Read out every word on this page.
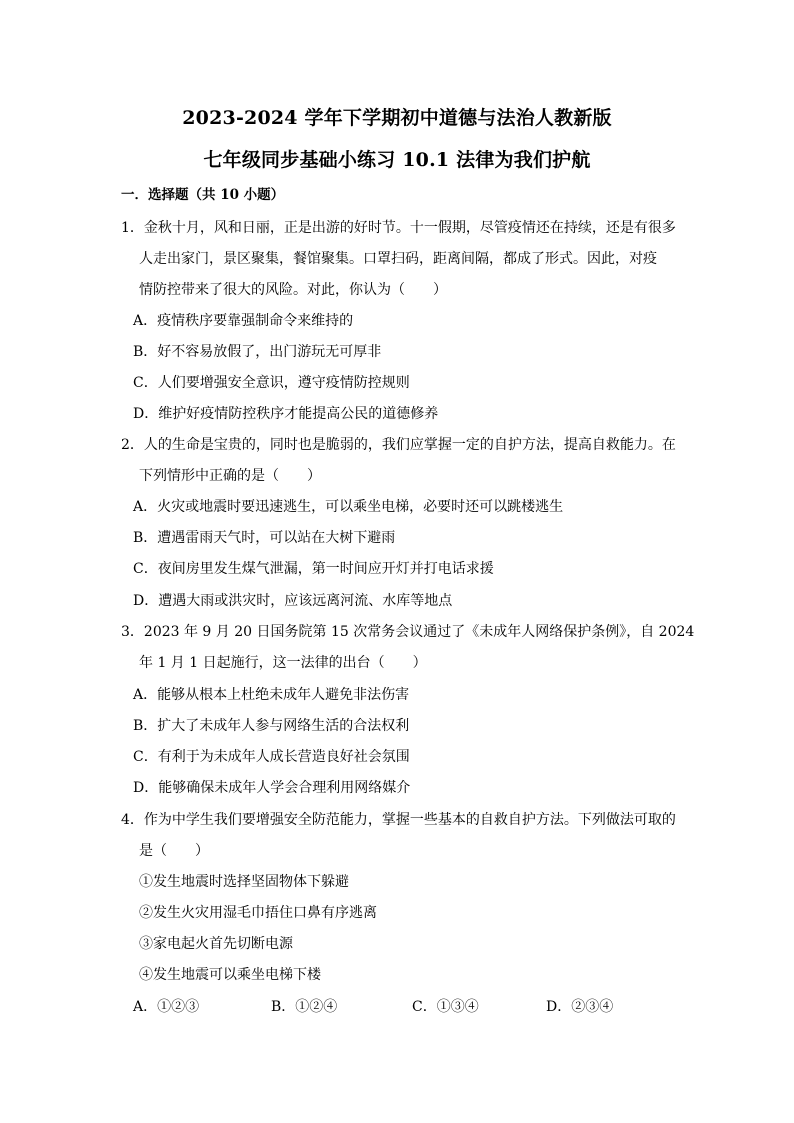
2023-2024 学年下学期初中道德与法治人教新版
七年级同步基础小练习 10.1 法律为我们护航
一．选择题（共 10 小题）
1．金秋十月，风和日丽，正是出游的好时节。十一假期，尽管疫情还在持续，还是有很多
人走出家门，景区聚集，餐馆聚集。口罩扫码，距离间隔，都成了形式。因此，对疫
情防控带来了很大的风险。对此，你认为（　　）
A．疫情秩序要靠强制命令来维持的
B．好不容易放假了，出门游玩无可厚非
C．人们要增强安全意识，遵守疫情防控规则
D．维护好疫情防控秩序才能提高公民的道德修养
2．人的生命是宝贵的，同时也是脆弱的，我们应掌握一定的自护方法，提高自救能力。在
下列情形中正确的是（　　）
A．火灾或地震时要迅速逃生，可以乘坐电梯，必要时还可以跳楼逃生
B．遭遇雷雨天气时，可以站在大树下避雨
C．夜间房里发生煤气泄漏，第一时间应开灯并打电话求援
D．遭遇大雨或洪灾时，应该远离河流、水库等地点
3．2023 年 9 月 20 日国务院第 15 次常务会议通过了《未成年人网络保护条例》，自 2024
年 1 月 1 日起施行，这一法律的出台（　　）
A．能够从根本上杜绝未成年人避免非法伤害
B．扩大了未成年人参与网络生活的合法权利
C．有利于为未成年人成长营造良好社会氛围
D．能够确保未成年人学会合理利用网络媒介
4．作为中学生我们要增强安全防范能力，掌握一些基本的自救自护方法。下列做法可取的
是（　　）
①发生地震时选择坚固物体下躲避
②发生火灾用湿毛巾捂住口鼻有序逃离
③家电起火首先切断电源
④发生地震可以乘坐电梯下楼
A．①②③	B．①②④	C．①③④	D．②③④
